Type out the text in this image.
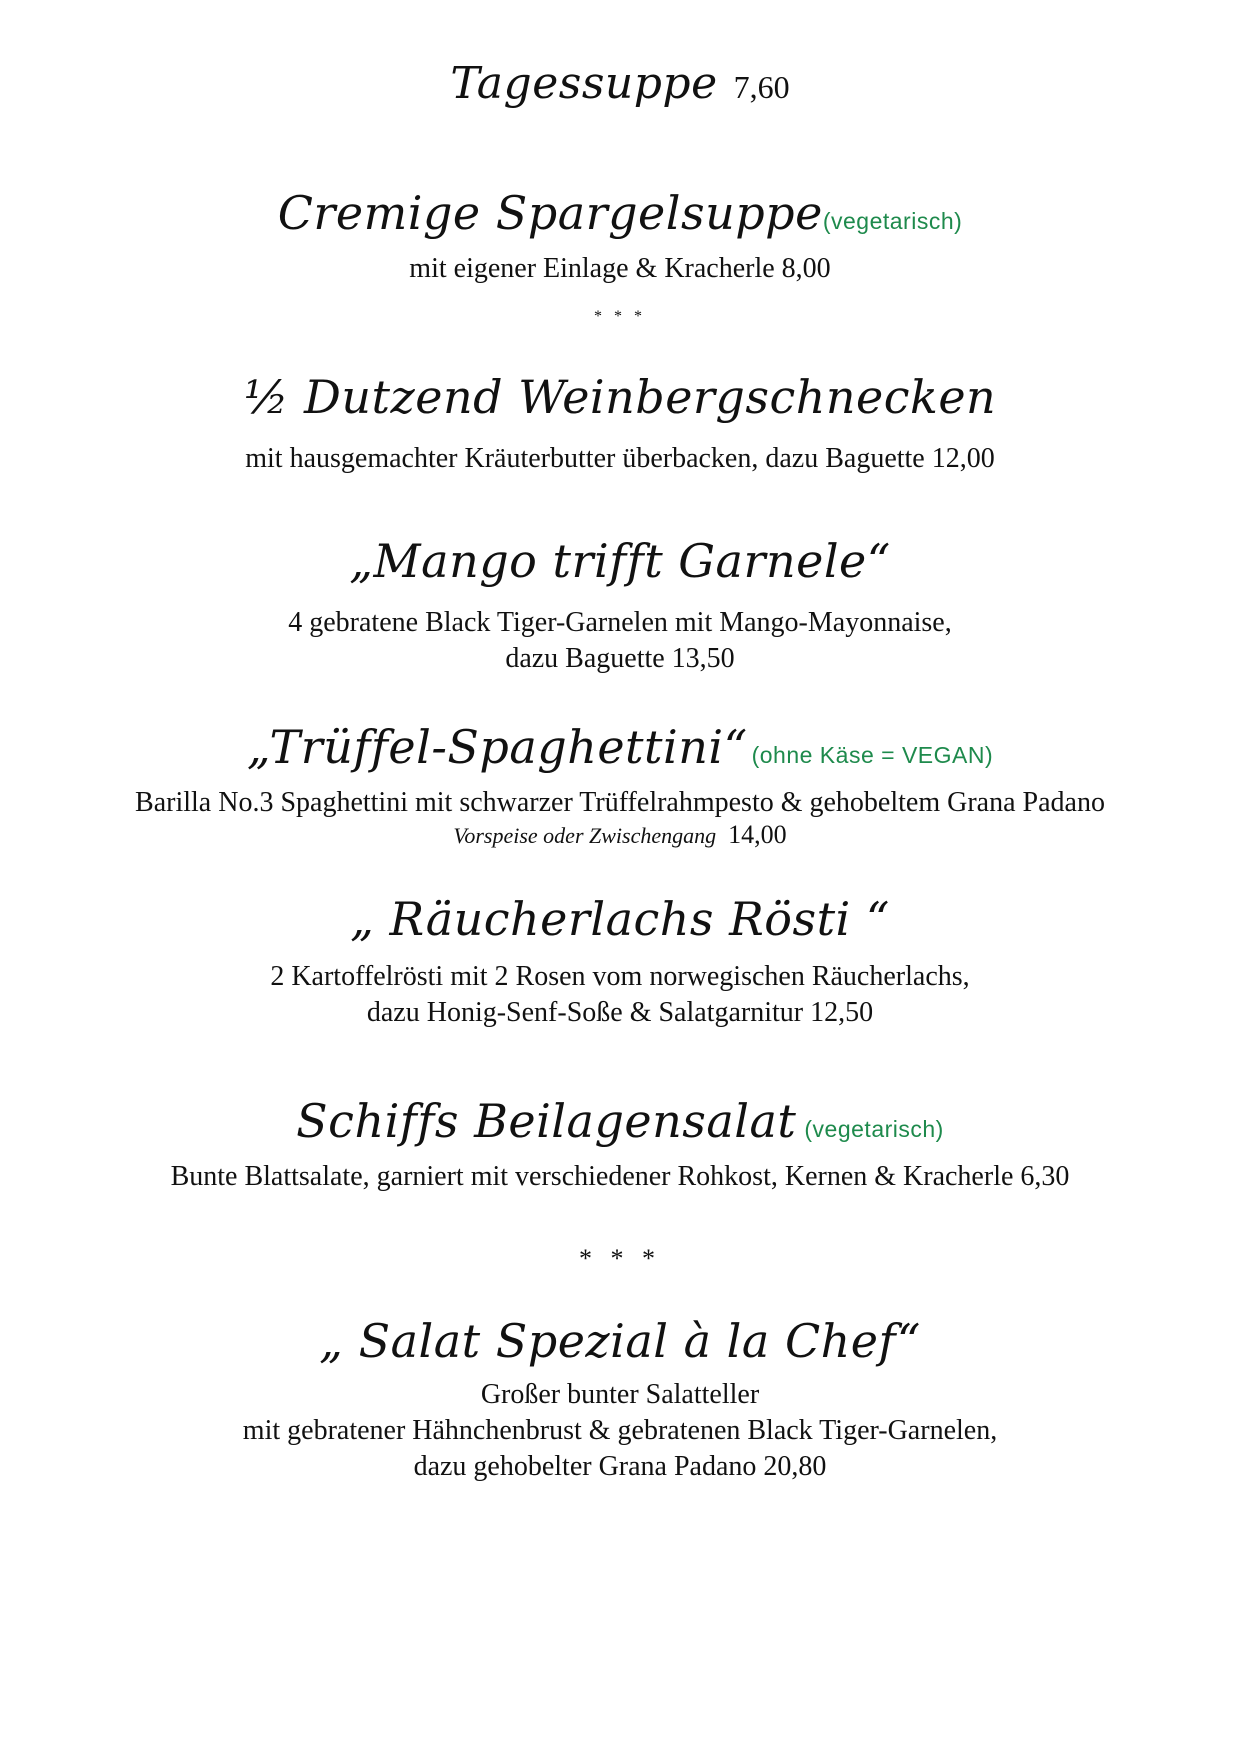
Tagessuppe 7,60
Cremige Spargelsuppe(vegetarisch)
mit eigener Einlage & Kracherle 8,00
* * *
½ Dutzend Weinbergschnecken
mit hausgemachter Kräuterbutter überbacken, dazu Baguette 12,00
„Mango trifft Garnele“
4 gebratene Black Tiger-Garnelen mit Mango-Mayonnaise,
dazu Baguette 13,50
„Trüffel-Spaghettini“ (ohne Käse = VEGAN)
Barilla No.3 Spaghettini mit schwarzer Trüffelrahmpesto & gehobeltem Grana Padano
Vorspeise oder Zwischengang 14,00
„ Räucherlachs Rösti “
2 Kartoffelrösti mit 2 Rosen vom norwegischen Räucherlachs,
dazu Honig-Senf-Soße & Salatgarnitur 12,50
Schiffs Beilagensalat (vegetarisch)
Bunte Blattsalate, garniert mit verschiedener Rohkost, Kernen & Kracherle 6,30
* * *
„ Salat Spezial à la Chef“
Großer bunter Salatteller
mit gebratener Hähnchenbrust & gebratenen Black Tiger-Garnelen,
dazu gehobelter Grana Padano 20,80
